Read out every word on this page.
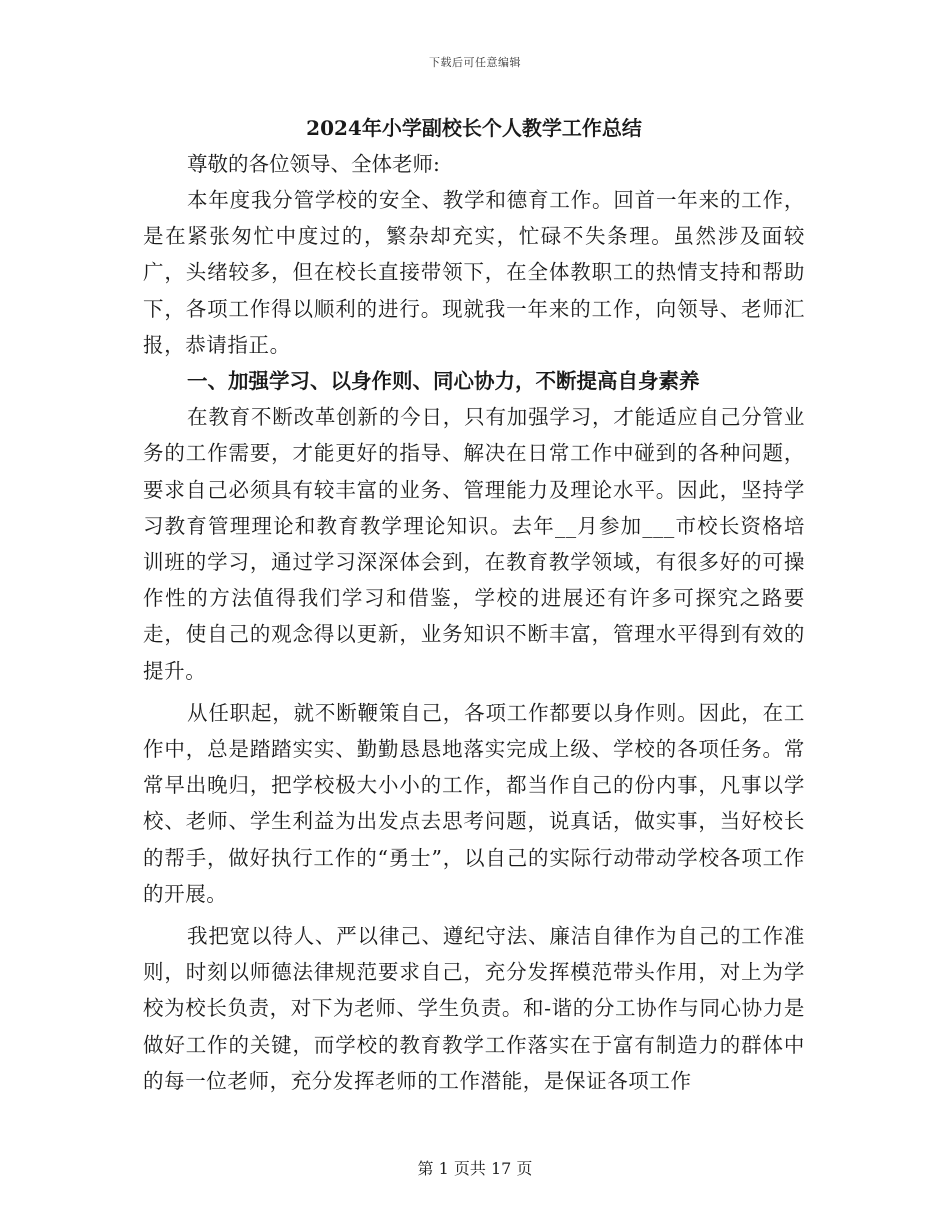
下载后可任意编辑
2024年小学副校长个人教学工作总结

尊敬的各位领导、全体老师:

本年度我分管学校的安全、教学和德育工作。回首一年来的工作，是在紧张匆忙中度过的，繁杂却充实，忙碌不失条理。虽然涉及面较广，头绪较多，但在校长直接带领下，在全体教职工的热情支持和帮助下，各项工作得以顺利的进行。现就我一年来的工作，向领导、老师汇报，恭请指正。

一、加强学习、以身作则、同心协力，不断提高自身素养

在教育不断改革创新的今日，只有加强学习，才能适应自己分管业务的工作需要，才能更好的指导、解决在日常工作中碰到的各种问题，要求自己必须具有较丰富的业务、管理能力及理论水平。因此，坚持学习教育管理理论和教育教学理论知识。去年__月参加___市校长资格培训班的学习，通过学习深深体会到，在教育教学领域，有很多好的可操作性的方法值得我们学习和借鉴，学校的进展还有许多可探究之路要走，使自己的观念得以更新，业务知识不断丰富，管理水平得到有效的提升。

从任职起，就不断鞭策自己，各项工作都要以身作则。因此，在工作中，总是踏踏实实、勤勤恳恳地落实完成上级、学校的各项任务。常常早出晚归，把学校极大小小的工作，都当作自己的份内事，凡事以学校、老师、学生利益为出发点去思考问题，说真话，做实事，当好校长的帮手，做好执行工作的“勇士”，以自己的实际行动带动学校各项工作的开展。

我把宽以待人、严以律己、遵纪守法、廉洁自律作为自己的工作准则，时刻以师德法律规范要求自己，充分发挥模范带头作用，对上为学校为校长负责，对下为老师、学生负责。和-谐的分工协作与同心协力是做好工作的关键，而学校的教育教学工作落实在于富有制造力的群体中的每一位老师，充分发挥老师的工作潜能，是保证各项工作

第 1 页共 17 页
